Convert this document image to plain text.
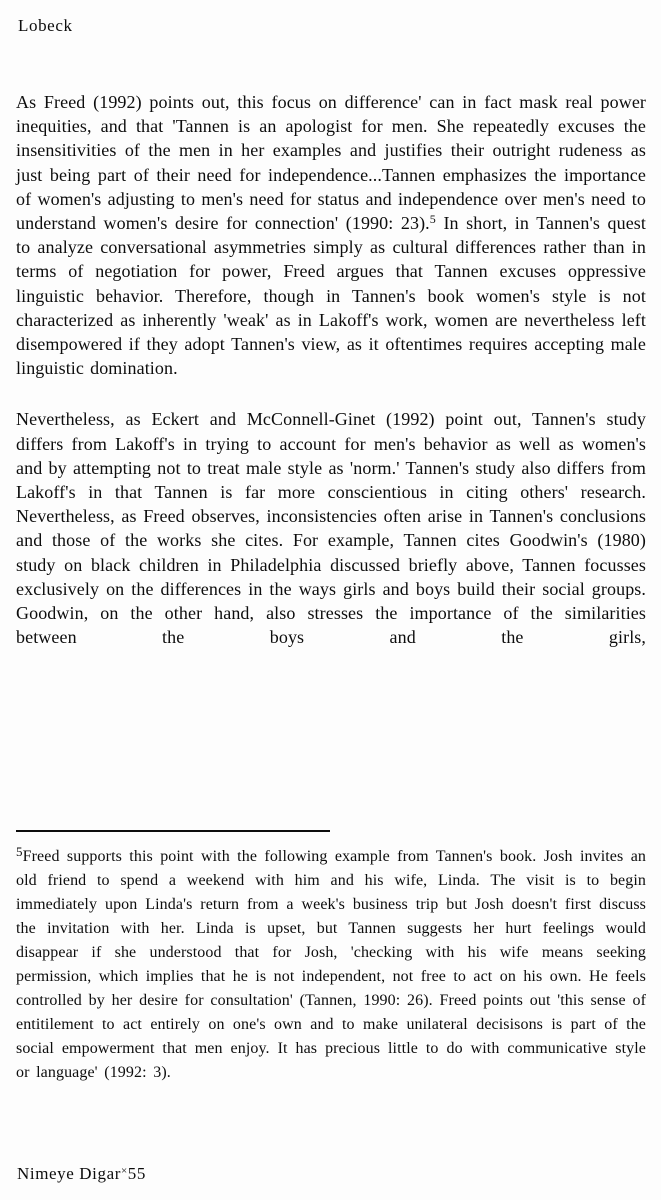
Lobeck

As Freed (1992) points out, this focus on difference' can in fact mask real power inequities, and that 'Tannen is an apologist for men. She repeatedly excuses the insensitivities of the men in her examples and justifies their outright rudeness as just being part of their need for independence...Tannen emphasizes the importance of women's adjusting to men's need for status and independence over men's need to understand women's desire for connection' (1990: 23).$^5$ In short, in Tannen's quest to analyze conversational asymmetries simply as cultural differences rather than in terms of negotiation for power, Freed argues that Tannen excuses oppressive linguistic behavior. Therefore, though in Tannen's book women's style is not characterized as inherently 'weak' as in Lakoff's work, women are nevertheless left disempowered if they adopt Tannen's view, as it oftentimes requires accepting male linguistic domination.

Nevertheless, as Eckert and McConnell-Ginet (1992) point out, Tannen's study differs from Lakoff's in trying to account for men's behavior as well as women's and by attempting not to treat male style as 'norm.' Tannen's study also differs from Lakoff's in that Tannen is far more conscientious in citing others' research. Nevertheless, as Freed observes, inconsistencies often arise in Tannen's conclusions and those of the works she cites. For example, Tannen cites Goodwin's (1980) study on black children in Philadelphia discussed briefly above, Tannen focusses exclusively on the differences in the ways girls and boys build their social groups. Goodwin, on the other hand, also stresses the importance of the similarities between the boys and the girls,

$^5$Freed supports this point with the following example from Tannen's book. Josh invites an old friend to spend a weekend with him and his wife, Linda. The visit is to begin immediately upon Linda's return from a week's business trip but Josh doesn't first discuss the invitation with her. Linda is upset, but Tannen suggests her hurt feelings would disappear if she understood that for Josh, 'checking with his wife means seeking permission, which implies that he is not independent, not free to act on his own. He feels controlled by her desire for consultation' (Tannen, 1990: 26). Freed points out 'this sense of entitilement to act entirely on one's own and to make unilateral decisisons is part of the social empowerment that men enjoy. It has precious little to do with communicative style or language' (1992: 3).

Nimeye Digar×55
